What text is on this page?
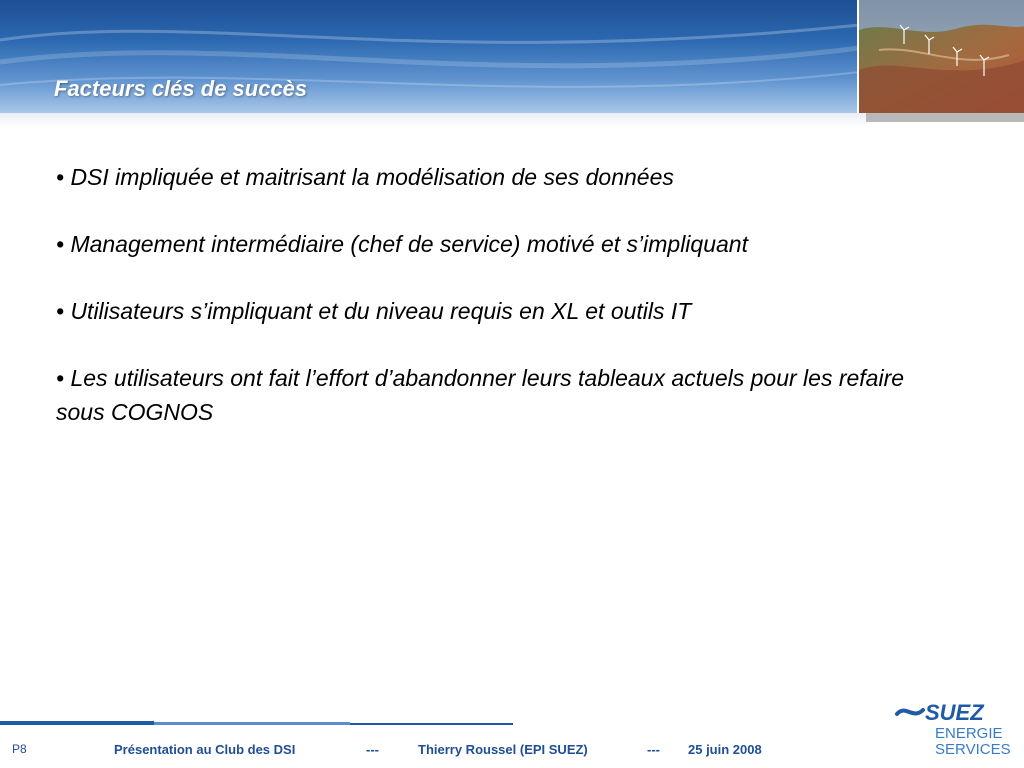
Facteurs clés de succès

• DSI impliquée et maitrisant la modélisation de ses données

• Management intermédiaire (chef de service) motivé et s’impliquant

• Utilisateurs s’impliquant et du niveau requis en XL et outils IT

• Les utilisateurs ont fait l’effort d’abandonner leurs tableaux actuels pour les refaire sous COGNOS

P8	Présentation au Club des DSI	---	Thierry Roussel (EPI SUEZ)	--- 25 juin 2008
SUEZ
ENERGIE
SERVICES
